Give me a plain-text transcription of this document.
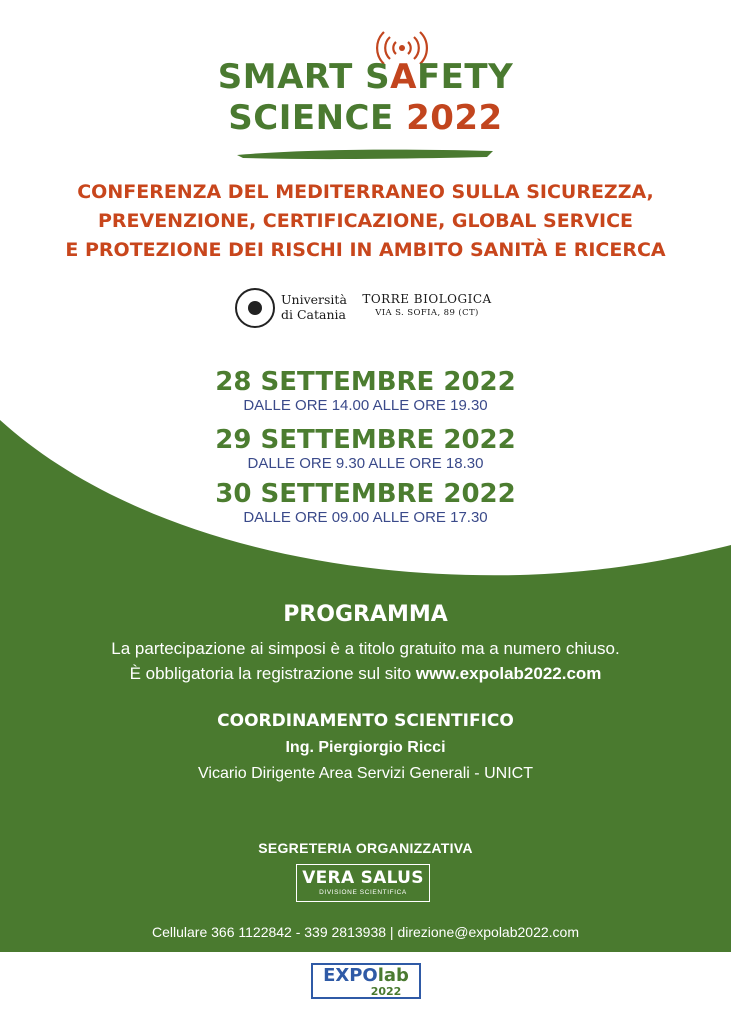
SMART SAFETY
SCIENCE 2022
CONFERENZA DEL MEDITERRANEO SULLA SICUREZZA,
PREVENZIONE, CERTIFICAZIONE, GLOBAL SERVICE
E PROTEZIONE DEI RISCHI IN AMBITO SANITÀ E RICERCA
Università
di Catania
TORRE BIOLOGICA
VIA S. SOFIA, 89 (CT)
28 SETTEMBRE 2022
DALLE ORE 14.00 ALLE ORE 19.30
29 SETTEMBRE 2022
DALLE ORE 9.30 ALLE ORE 18.30
30 SETTEMBRE 2022
DALLE ORE 09.00 ALLE ORE 17.30
PROGRAMMA
La partecipazione ai simposi è a titolo gratuito ma a numero chiuso.
È obbligatoria la registrazione sul sito www.expolab2022.com
COORDINAMENTO SCIENTIFICO
Ing. Piergiorgio Ricci
Vicario Dirigente Area Servizi Generali - UNICT
SEGRETERIA ORGANIZZATIVA
VERA SALUS
DIVISIONE SCIENTIFICA
Cellulare 366 1122842 - 339 2813938 | direzione@expolab2022.com
EXPOlab
2022
